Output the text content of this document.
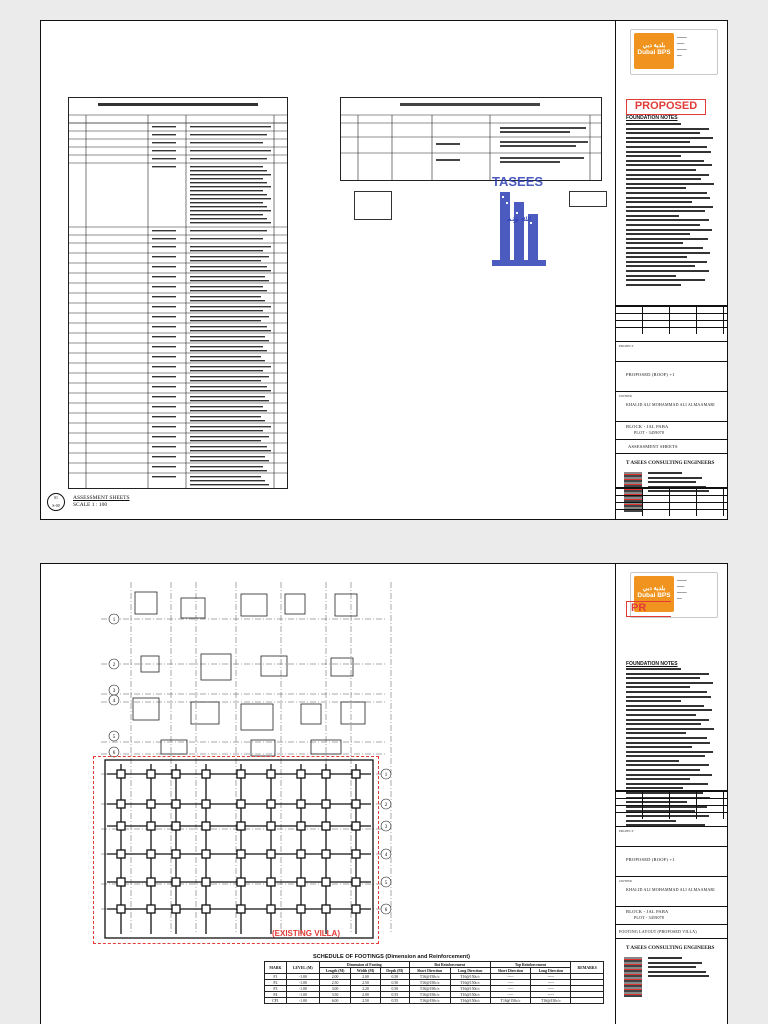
TASEES
ﷲ ﻮﺘ‍ﻤ
بلدية دبي
Dubai BPS
━━━━
━━━
━━━━
━━
PROPOSED
FOUNDATION NOTES
PROJECT
PROPOSED (ROOF) +1
OWNER
KHALID ALI MOHAMMAD ALI ALMAAMARI
BLOCK - JAL PABA
PLOT - 3459078
ASSESSMENT SHEETS
T ASEES CONSULTING ENGINEERS
01
S-00
ASSESSMENT SHEETS
SCALE 1 : 100
1
2
3
4
5
6
1
2
3
4
5
6
(EXISTING VILLA)
SCHEDULE OF FOOTINGS (Dimension and Reinforcement)
MARK	LEVEL (M)	Dimension of Footing			Bot Reinforcement		Top Reinforcement		REMARKS
		Length (M)	Width (M)	Depth (M)	Short Direction	Long Direction	Short Direction	Long Direction	
F1	-1.00	2.00	2.00	0.50	T16@150c/c	T16@150c/c	-----	-----	
F2	-1.00	2.50	2.50	0.50	T16@150c/c	T16@150c/c	-----	-----	
F3	-1.00	3.00	2.20	0.50	T16@150c/c	T16@150c/c	-----	-----	
F4	-1.00	3.50	2.00	0.55	T16@150c/c	T16@150c/c	-----	-----	
CF1	-1.00	6.00	2.50	0.55	T16@150c/c	T16@150c/c	T16@150c/c	T16@150c/c	
بلدية دبي
Dubai BPS
━━━━
━━━
━━━━
━━
PR
FOUNDATION NOTES
PROJECT
PROPOSED (ROOF) +1
OWNER
KHALID ALI MOHAMMAD ALI ALMAAMARI
BLOCK - JAL PABA
PLOT - 3459078
FOOTING LAYOUT (PROPOSED VILLA)
T ASEES CONSULTING ENGINEERS
